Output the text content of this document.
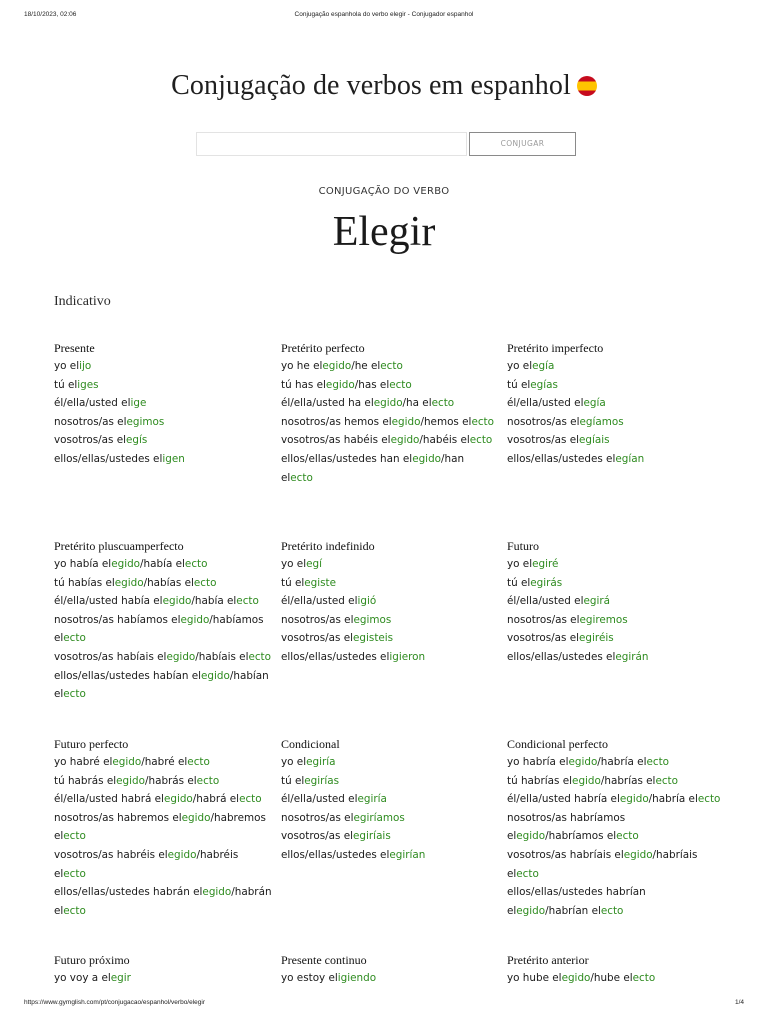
18/10/2023, 02:06	Conjugação espanhola do verbo elegir - Conjugador espanhol
Conjugação de verbos em espanhol
CONJUGAR
CONJUGAÇÃO DO VERBO
Elegir
Indicativo
Presente
yo elijo
tú eliges
él/ella/usted elige
nosotros/as elegimos
vosotros/as elegís
ellos/ellas/ustedes eligen
Pretérito perfecto
yo he elegido/he electo
tú has elegido/has electo
él/ella/usted ha elegido/ha electo
nosotros/as hemos elegido/hemos electo
vosotros/as habéis elegido/habéis electo
ellos/ellas/ustedes han elegido/han electo
Pretérito imperfecto
yo elegía
tú elegías
él/ella/usted elegía
nosotros/as elegíamos
vosotros/as elegíais
ellos/ellas/ustedes elegían
Pretérito pluscuamperfecto
yo había elegido/había electo
tú habías elegido/habías electo
él/ella/usted había elegido/había electo
nosotros/as habíamos elegido/habíamos electo
vosotros/as habíais elegido/habíais electo
ellos/ellas/ustedes habían elegido/habían electo
Pretérito indefinido
yo elegí
tú elegiste
él/ella/usted eligió
nosotros/as elegimos
vosotros/as elegisteis
ellos/ellas/ustedes eligieron
Futuro
yo elegiré
tú elegirás
él/ella/usted elegirá
nosotros/as elegiremos
vosotros/as elegiréis
ellos/ellas/ustedes elegirán
Futuro perfecto
yo habré elegido/habré electo
tú habrás elegido/habrás electo
él/ella/usted habrá elegido/habrá electo
nosotros/as habremos elegido/habremos electo
vosotros/as habréis elegido/habréis electo
ellos/ellas/ustedes habrán elegido/habrán electo
Condicional
yo elegiría
tú elegirías
él/ella/usted elegiría
nosotros/as elegiríamos
vosotros/as elegiríais
ellos/ellas/ustedes elegirían
Condicional perfecto
yo habría elegido/habría electo
tú habrías elegido/habrías electo
él/ella/usted habría elegido/habría electo
nosotros/as habríamos elegido/habríamos electo
vosotros/as habríais elegido/habríais electo
ellos/ellas/ustedes habrían elegido/habrían electo
Futuro próximo
yo voy a elegir
Presente continuo
yo estoy eligiendo
Pretérito anterior
yo hube elegido/hube electo
https://www.gymglish.com/pt/conjugacao/espanhol/verbo/elegir	1/4
